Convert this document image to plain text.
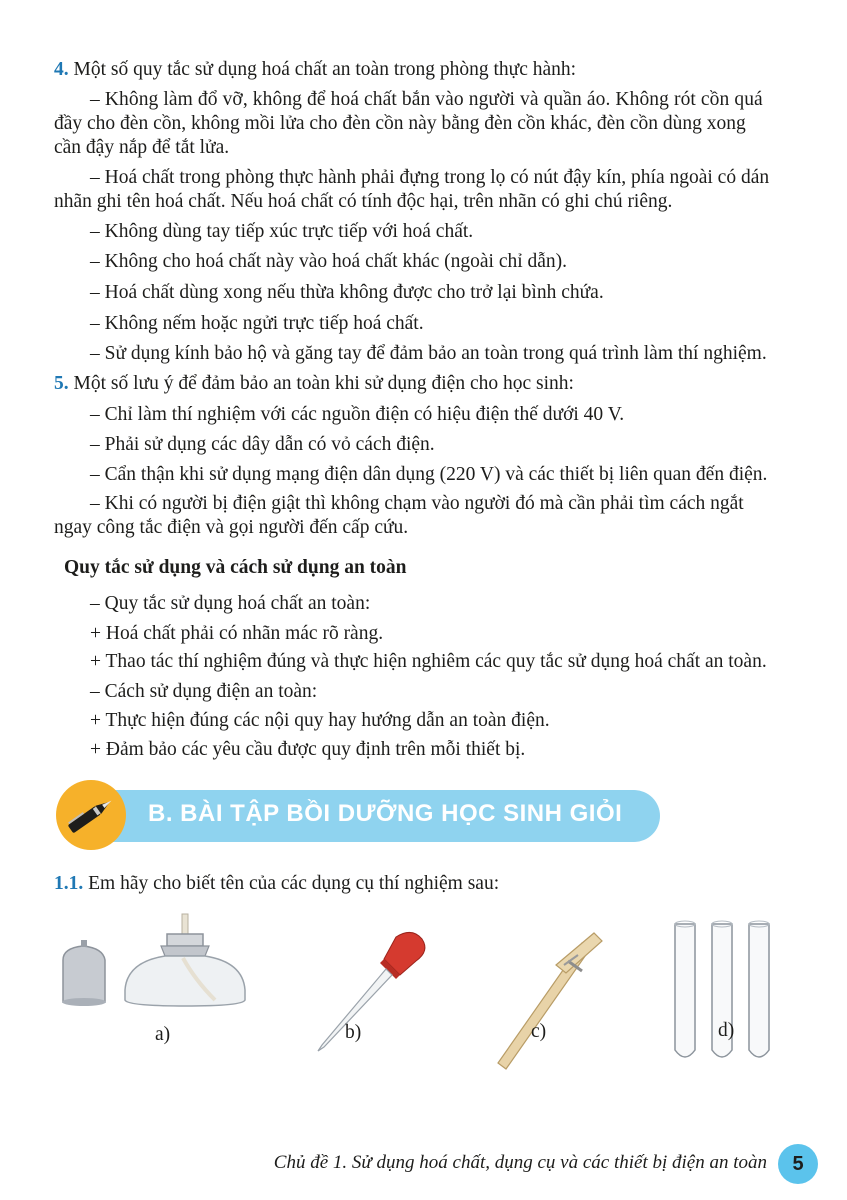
4. Một số quy tắc sử dụng hoá chất an toàn trong phòng thực hành:
– Không làm đổ vỡ, không để hoá chất bắn vào người và quần áo. Không rót cồn quá
đầy cho đèn cồn, không mồi lửa cho đèn cồn này bằng đèn cồn khác, đèn cồn dùng xong
cần đậy nắp để tắt lửa.
– Hoá chất trong phòng thực hành phải đựng trong lọ có nút đậy kín, phía ngoài có dán
nhãn ghi tên hoá chất. Nếu hoá chất có tính độc hại, trên nhãn có ghi chú riêng.
– Không dùng tay tiếp xúc trực tiếp với hoá chất.
– Không cho hoá chất này vào hoá chất khác (ngoài chỉ dẫn).
– Hoá chất dùng xong nếu thừa không được cho trở lại bình chứa.
– Không nếm hoặc ngửi trực tiếp hoá chất.
– Sử dụng kính bảo hộ và găng tay để đảm bảo an toàn trong quá trình làm thí nghiệm.
5. Một số lưu ý để đảm bảo an toàn khi sử dụng điện cho học sinh:
– Chỉ làm thí nghiệm với các nguồn điện có hiệu điện thế dưới 40 V.
– Phải sử dụng các dây dẫn có vỏ cách điện.
– Cẩn thận khi sử dụng mạng điện dân dụng (220 V) và các thiết bị liên quan đến điện.
– Khi có người bị điện giật thì không chạm vào người đó mà cần phải tìm cách ngắt
ngay công tắc điện và gọi người đến cấp cứu.
Quy tắc sử dụng và cách sử dụng an toàn
– Quy tắc sử dụng hoá chất an toàn:
+ Hoá chất phải có nhãn mác rõ ràng.
+ Thao tác thí nghiệm đúng và thực hiện nghiêm các quy tắc sử dụng hoá chất an toàn.
– Cách sử dụng điện an toàn:
+ Thực hiện đúng các nội quy hay hướng dẫn an toàn điện.
+ Đảm bảo các yêu cầu được quy định trên mỗi thiết bị.
B. BÀI TẬP BỒI DƯỠNG HỌC SINH GIỎI
1.1. Em hãy cho biết tên của các dụng cụ thí nghiệm sau:
a)	b)	c)	d)
Chủ đề 1. Sử dụng hoá chất, dụng cụ và các thiết bị điện an toàn	5
